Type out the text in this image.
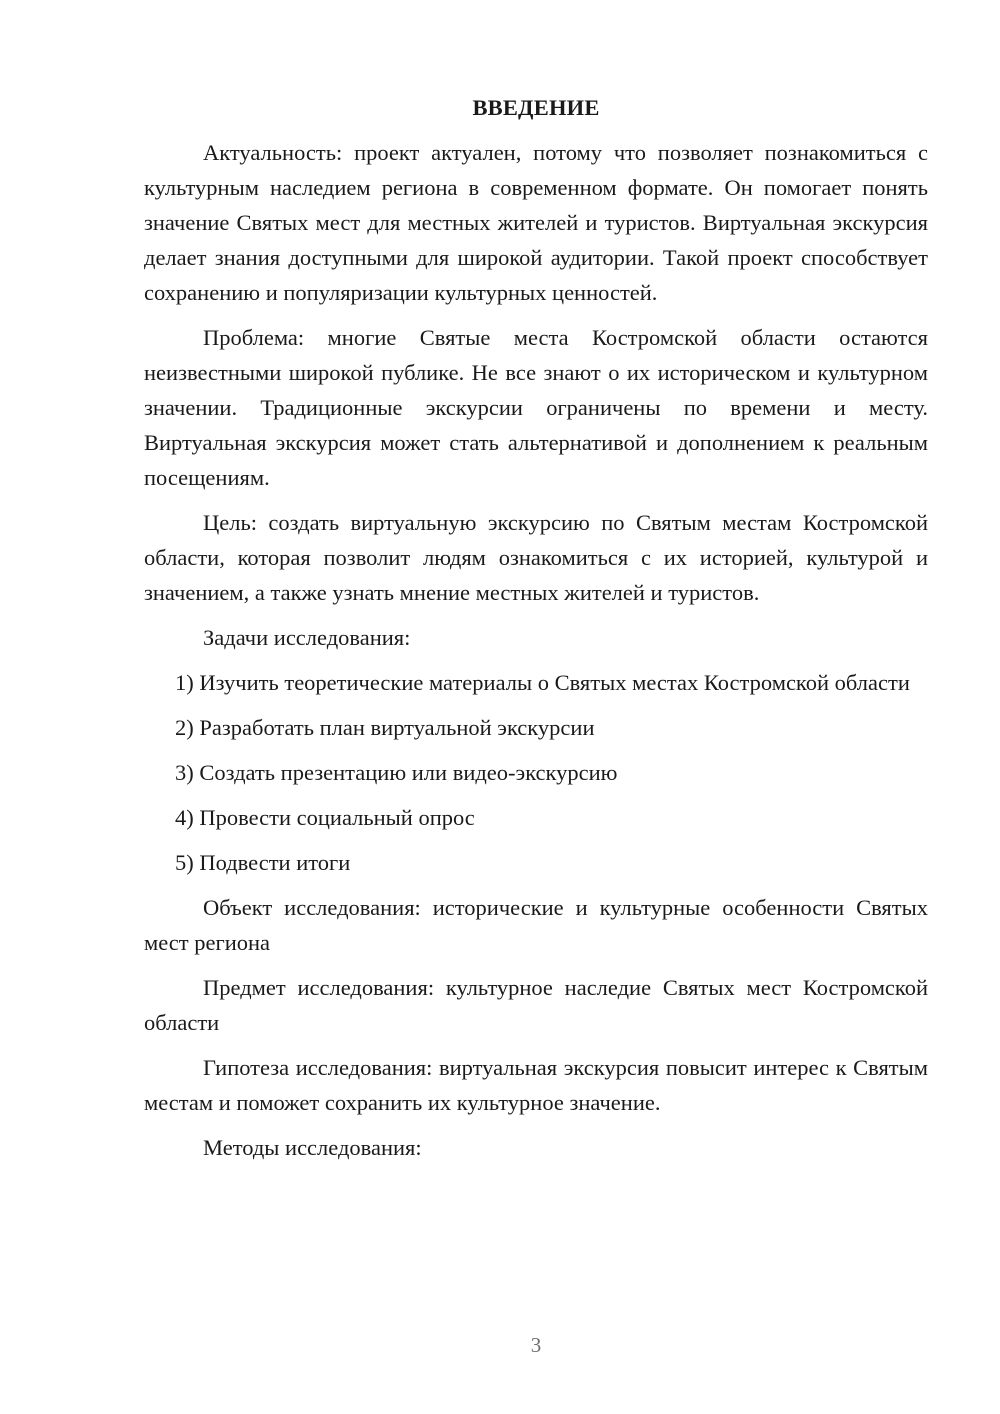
ВВЕДЕНИЕ

Актуальность: проект актуален, потому что позволяет познакомиться с культурным наследием региона в современном формате. Он помогает понять значение Святых мест для местных жителей и туристов. Виртуальная экскурсия делает знания доступными для широкой аудитории. Такой проект способствует сохранению и популяризации культурных ценностей.

Проблема: многие Святые места Костромской области остаются неизвестными широкой публике. Не все знают о их историческом и культурном значении. Традиционные экскурсии ограничены по времени и месту. Виртуальная экскурсия может стать альтернативой и дополнением к реальным посещениям.

Цель: создать виртуальную экскурсию по Святым местам Костромской области, которая позволит людям ознакомиться с их историей, культурой и значением, а также узнать мнение местных жителей и туристов.

Задачи исследования:

1) Изучить теоретические материалы о Святых местах Костромской области

2) Разработать план виртуальной экскурсии

3) Создать презентацию или видео-экскурсию

4) Провести социальный опрос

5) Подвести итоги

Объект исследования: исторические и культурные особенности Святых мест региона

Предмет исследования: культурное наследие Святых мест Костромской области

Гипотеза исследования: виртуальная экскурсия повысит интерес к Святым местам и поможет сохранить их культурное значение.

Методы исследования:

3
